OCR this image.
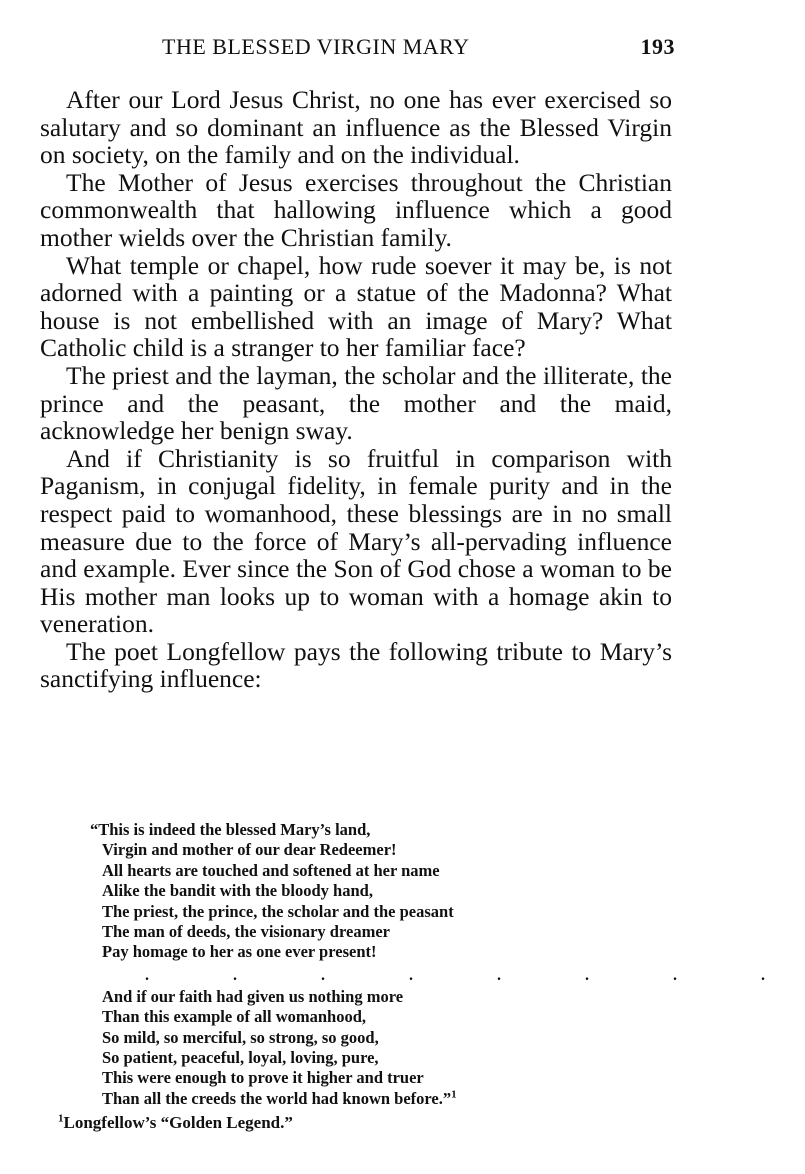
THE BLESSED VIRGIN MARY	193

After our Lord Jesus Christ, no one has ever exercised so salutary and so dominant an influence as the Blessed Virgin on society, on the family and on the individual.

The Mother of Jesus exercises throughout the Christian commonwealth that hallowing influence which a good mother wields over the Christian family.

What temple or chapel, how rude soever it may be, is not adorned with a painting or a statue of the Madonna? What house is not embellished with an image of Mary? What Catholic child is a stranger to her familiar face?

The priest and the layman, the scholar and the illiterate, the prince and the peasant, the mother and the maid, acknowledge her benign sway.

And if Christianity is so fruitful in comparison with Paganism, in conjugal fidelity, in female purity and in the respect paid to womanhood, these blessings are in no small measure due to the force of Mary’s all-pervading influence and example. Ever since the Son of God chose a woman to be His mother man looks up to woman with a homage akin to veneration.

The poet Longfellow pays the following tribute to Mary’s sanctifying influence:

“This is indeed the blessed Mary’s land,
Virgin and mother of our dear Redeemer!
All hearts are touched and softened at her name
Alike the bandit with the bloody hand,
The priest, the prince, the scholar and the peasant
The man of deeds, the visionary dreamer
Pay homage to her as one ever present!
. . . . . . . .
And if our faith had given us nothing more
Than this example of all womanhood,
So mild, so merciful, so strong, so good,
So patient, peaceful, loyal, loving, pure,
This were enough to prove it higher and truer
Than all the creeds the world had known before.”$^1$
$^1$Longfellow’s “Golden Legend.”
